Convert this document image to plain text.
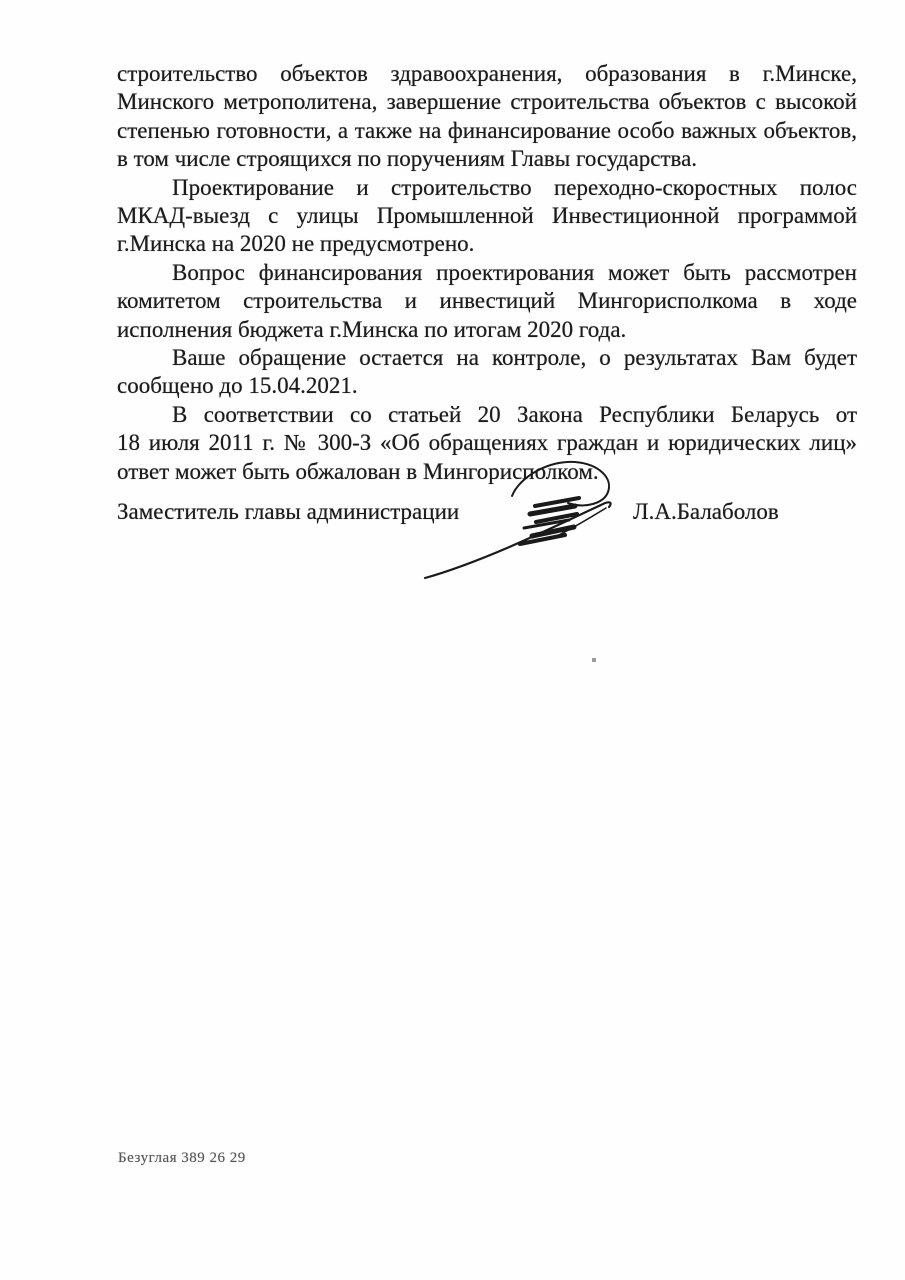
строительство объектов здравоохранения, образования в г.Минске,
Минского метрополитена, завершение строительства объектов с высокой
степенью готовности, а также на финансирование особо важных объектов,
в том числе строящихся по поручениям Главы государства.
Проектирование и строительство переходно-скоростных полос
МКАД-выезд с улицы Промышленной Инвестиционной программой
г.Минска на 2020 не предусмотрено.
Вопрос финансирования проектирования может быть рассмотрен
комитетом строительства и инвестиций Мингорисполкома в ходе
исполнения бюджета г.Минска по итогам 2020 года.
Ваше обращение остается на контроле, о результатах Вам будет
сообщено до 15.04.2021.
В соответствии со статьей 20 Закона Республики Беларусь от
18 июля 2011 г. № 300-З «Об обращениях граждан и юридических лиц»
ответ может быть обжалован в Мингорисполком.
Заместитель главы администрации	Л.А.Балаболов
Безуглая 389 26 29
